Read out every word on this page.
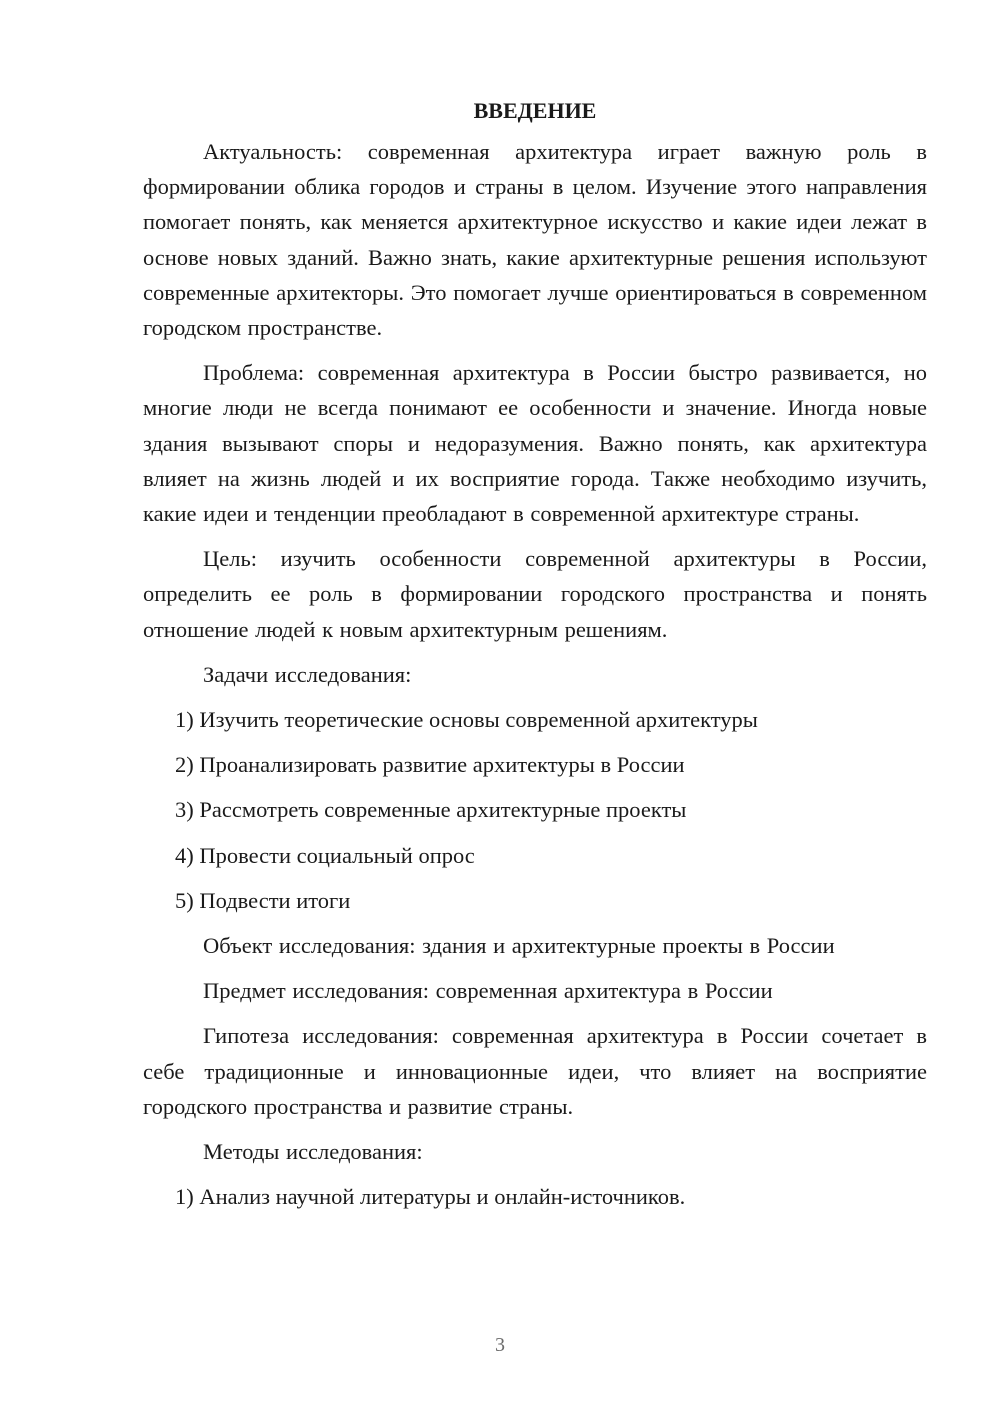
ВВЕДЕНИЕ

Актуальность: современная архитектура играет важную роль в формировании облика городов и страны в целом. Изучение этого направления помогает понять, как меняется архитектурное искусство и какие идеи лежат в основе новых зданий. Важно знать, какие архитектурные решения используют современные архитекторы. Это помогает лучше ориентироваться в современном городском пространстве.

Проблема: современная архитектура в России быстро развивается, но многие люди не всегда понимают ее особенности и значение. Иногда новые здания вызывают споры и недоразумения. Важно понять, как архитектура влияет на жизнь людей и их восприятие города. Также необходимо изучить, какие идеи и тенденции преобладают в современной архитектуре страны.

Цель: изучить особенности современной архитектуры в России, определить ее роль в формировании городского пространства и понять отношение людей к новым архитектурным решениям.

Задачи исследования:

1) Изучить теоретические основы современной архитектуры
2) Проанализировать развитие архитектуры в России
3) Рассмотреть современные архитектурные проекты
4) Провести социальный опрос
5) Подвести итоги

Объект исследования: здания и архитектурные проекты в России

Предмет исследования: современная архитектура в России

Гипотеза исследования: современная архитектура в России сочетает в себе традиционные и инновационные идеи, что влияет на восприятие городского пространства и развитие страны.

Методы исследования:

1) Анализ научной литературы и онлайн-источников.
3
